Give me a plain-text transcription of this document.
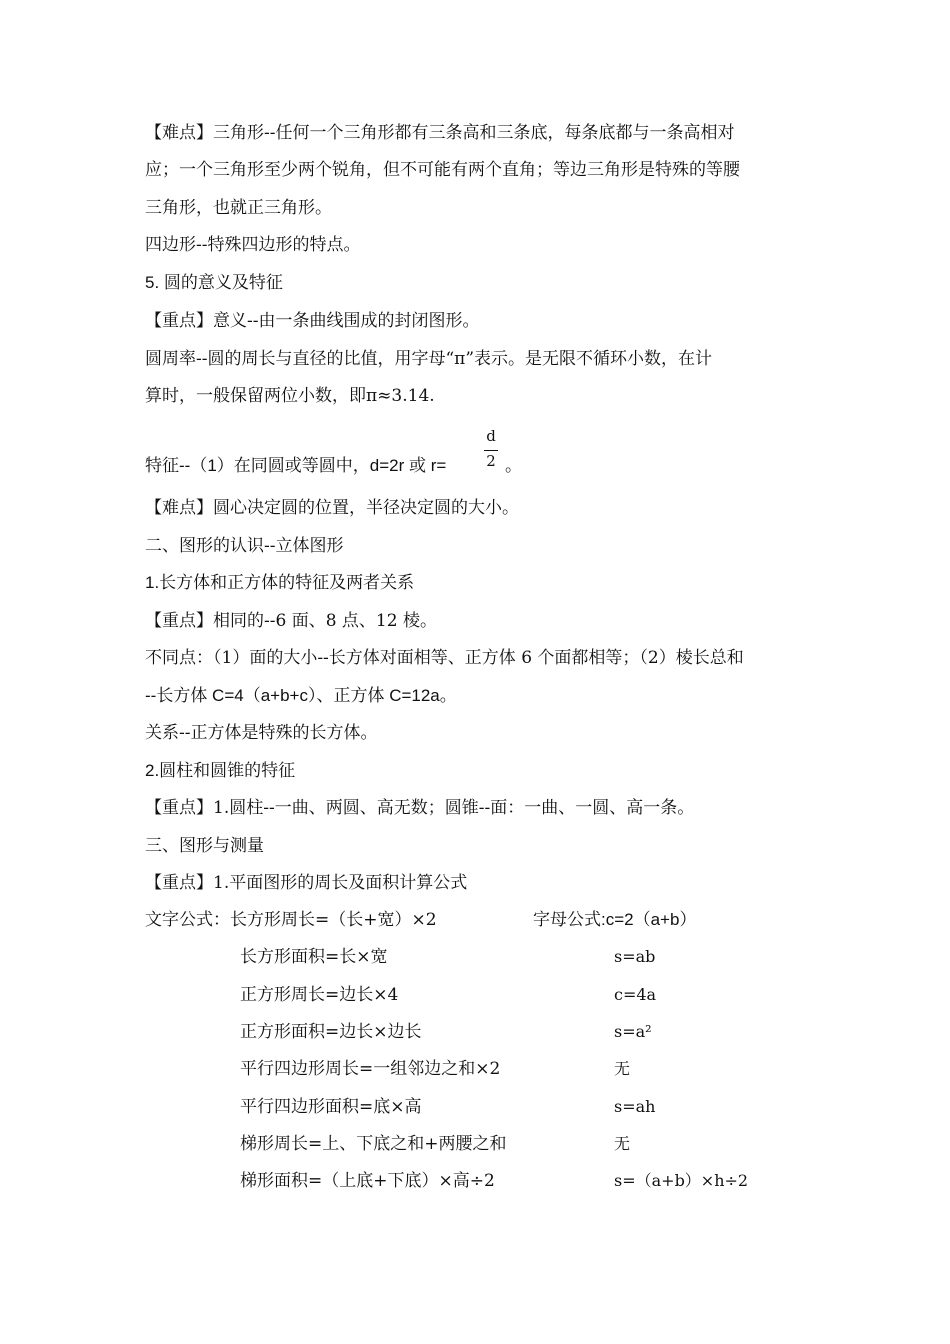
【难点】三角形--任何一个三角形都有三条高和三条底，每条底都与一条高相对
应；一个三角形至少两个锐角，但不可能有两个直角；等边三角形是特殊的等腰
三角形，也就正三角形。
四边形--特殊四边形的特点。
5. 圆的意义及特征
【重点】意义--由一条曲线围成的封闭图形。
圆周率--圆的周长与直径的比值，用字母“π”表示。是无限不循环小数，在计
算时，一般保留两位小数，即π≈3.14.
特征--（1）在同圆或等圆中，d=2r 或 r=
d
2 。
【难点】圆心决定圆的位置，半径决定圆的大小。
二、图形的认识--立体图形
1.长方体和正方体的特征及两者关系
【重点】相同的--6 面、8 点、12 棱。
不同点：（1）面的大小--长方体对面相等、正方体 6 个面都相等；（2）棱长总和
--长方体 C=4（a+b+c）、正方体 C=12a。
关系--正方体是特殊的长方体。
2.圆柱和圆锥的特征
【重点】1.圆柱--一曲、两圆、高无数；圆锥--面：一曲、一圆、高一条。
三、图形与测量
【重点】1.平面图形的周长及面积计算公式
文字公式：长方形周长=（长+宽）×2	字母公式:c=2（a+b）
长方形面积=长×宽	s=ab
正方形周长=边长×4	c=4a
正方形面积=边长×边长	s=a²
平行四边形周长=一组邻边之和×2	无
平行四边形面积=底×高	s=ah
梯形周长=上、下底之和+两腰之和	无
梯形面积=（上底+下底）×高÷2	s=（a+b）×h÷2
